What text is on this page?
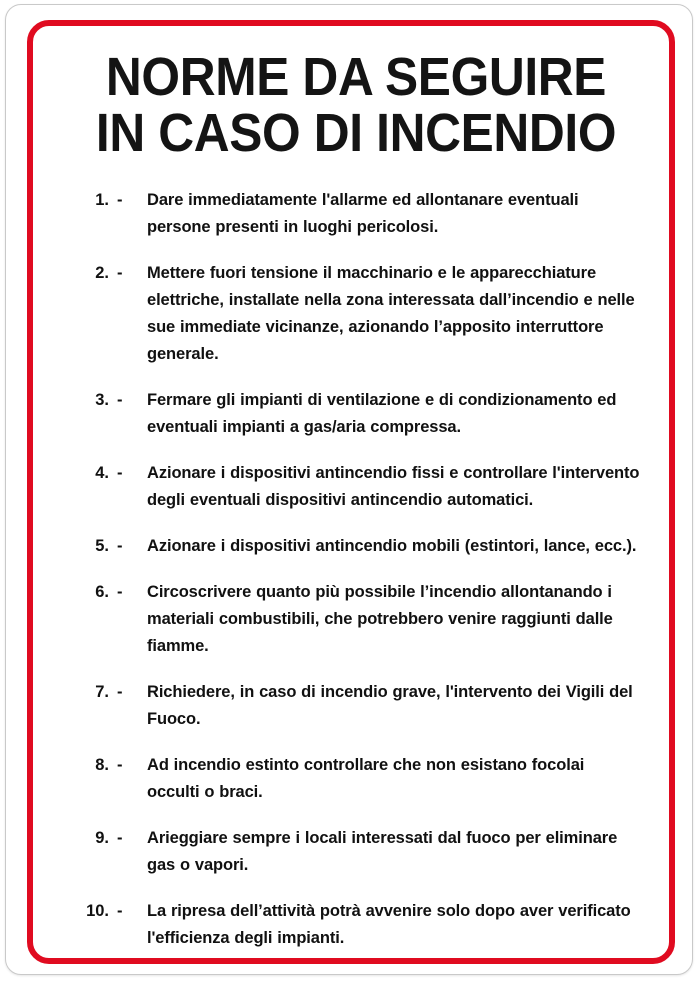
NORME DA SEGUIRE
IN CASO DI INCENDIO
1. - Dare immediatamente l'allarme ed allontanare eventuali persone presenti in luoghi pericolosi.
2. - Mettere fuori tensione il macchinario e le apparecchiature elettriche, installate nella zona interessata dall’incendio e nelle sue immediate vicinanze, azionando l’apposito interruttore generale.
3. - Fermare gli impianti di ventilazione e di condizionamento ed eventuali impianti a gas/aria compressa.
4. - Azionare i dispositivi antincendio fissi e controllare l'intervento degli eventuali dispositivi antincendio automatici.
5. - Azionare i dispositivi antincendio mobili (estintori, lance, ecc.).
6. - Circoscrivere quanto più possibile l’incendio allontanando i materiali combustibili, che potrebbero venire raggiunti dalle fiamme.
7. - Richiedere, in caso di incendio grave, l'intervento dei Vigili del Fuoco.
8. - Ad incendio estinto controllare che non esistano focolai occulti o braci.
9. - Arieggiare sempre i locali interessati dal fuoco per eliminare gas o vapori.
10. - La ripresa dell’attività potrà avvenire solo dopo aver verificato l'efficienza degli impianti.
